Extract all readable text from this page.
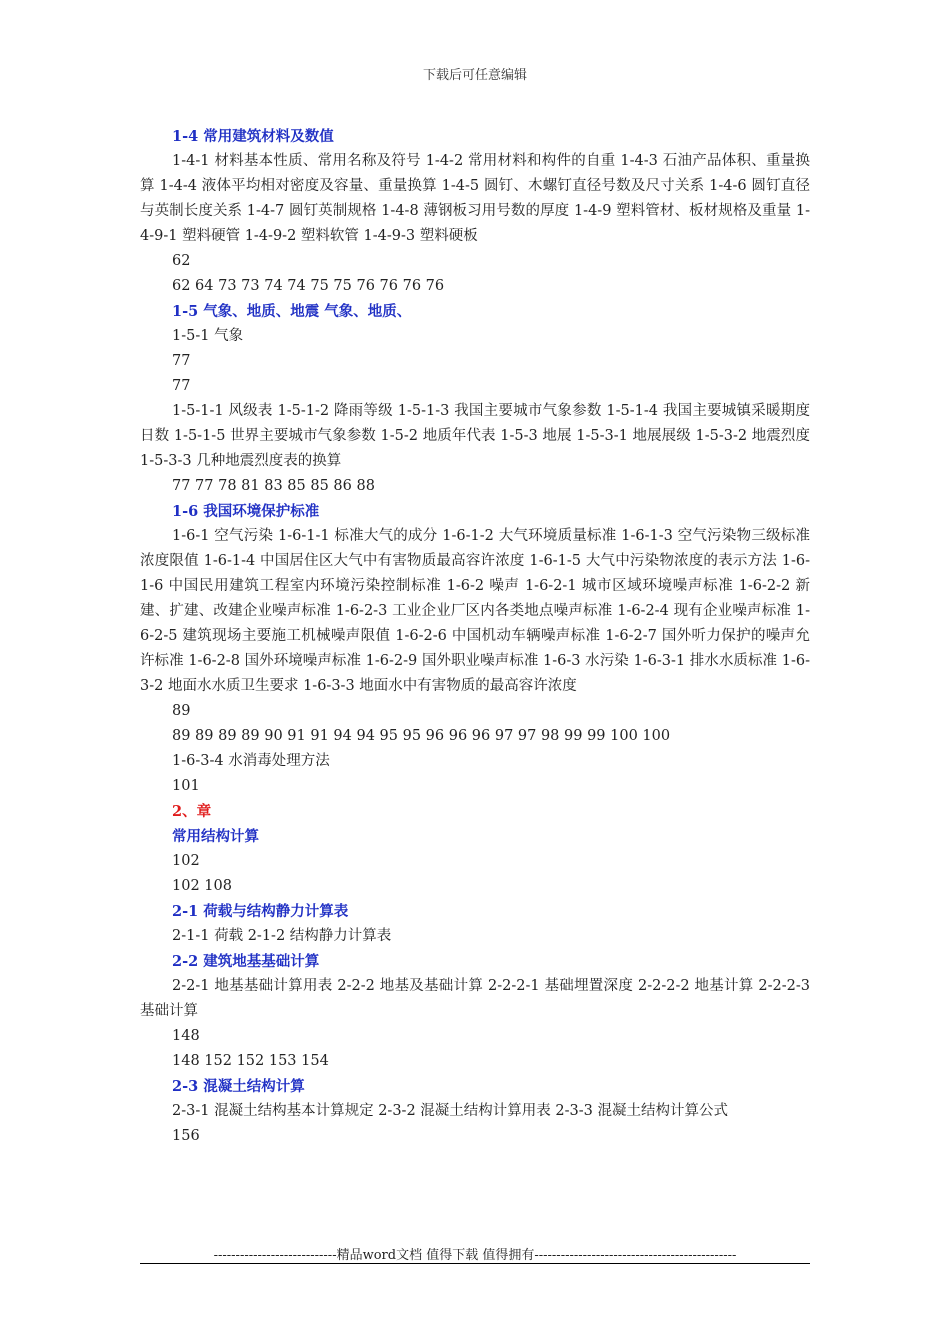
下载后可任意编辑

1-4 常用建筑材料及数值

1-4-1 材料基本性质、常用名称及符号 1-4-2 常用材料和构件的自重 1-4-3 石油产品体积、重量换算 1-4-4 液体平均相对密度及容量、重量换算 1-4-5 圆钉、木螺钉直径号数及尺寸关系 1-4-6 圆钉直径与英制长度关系 1-4-7 圆钉英制规格 1-4-8 薄钢板习用号数的厚度 1-4-9 塑料管材、板材规格及重量 1-4-9-1 塑料硬管 1-4-9-2 塑料软管 1-4-9-3 塑料硬板

62

62 64 73 73 74 74 75 75 76 76 76 76

1-5 气象、地质、地震 气象、地质、

1-5-1 气象

77

77

1-5-1-1 风级表 1-5-1-2 降雨等级 1-5-1-3 我国主要城市气象参数 1-5-1-4 我国主要城镇采暖期度日数 1-5-1-5 世界主要城市气象参数 1-5-2 地质年代表 1-5-3 地展 1-5-3-1 地展展级 1-5-3-2 地震烈度 1-5-3-3 几种地震烈度表的换算

77 77 78 81 83 85 85 86 88

1-6 我国环境保护标准

1-6-1 空气污染 1-6-1-1 标准大气的成分 1-6-1-2 大气环境质量标准 1-6-1-3 空气污染物三级标准浓度限值 1-6-1-4 中国居住区大气中有害物质最高容许浓度 1-6-1-5 大气中污染物浓度的表示方法 1-6-1-6 中国民用建筑工程室内环境污染控制标准 1-6-2 噪声 1-6-2-1 城市区域环境噪声标准 1-6-2-2 新建、扩建、改建企业噪声标准 1-6-2-3 工业企业厂区内各类地点噪声标准 1-6-2-4 现有企业噪声标准 1-6-2-5 建筑现场主要施工机械噪声限值 1-6-2-6 中国机动车辆噪声标准 1-6-2-7 国外听力保护的噪声允许标准 1-6-2-8 国外环境噪声标准 1-6-2-9 国外职业噪声标准 1-6-3 水污染 1-6-3-1 排水水质标准 1-6-3-2 地面水水质卫生要求 1-6-3-3 地面水中有害物质的最高容许浓度

89

89 89 89 89 90 91 91 94 94 95 95 96 96 96 97 97 98 99 99 100 100

1-6-3-4 水消毒处理方法

101

2、章

常用结构计算

102

102 108

2-1 荷载与结构静力计算表

2-1-1 荷载 2-1-2 结构静力计算表

2-2 建筑地基基础计算

2-2-1 地基基础计算用表 2-2-2 地基及基础计算 2-2-2-1 基础埋置深度 2-2-2-2 地基计算 2-2-2-3 基础计算

148

148 152 152 153 154

2-3 混凝土结构计算

2-3-1 混凝土结构基本计算规定 2-3-2 混凝土结构计算用表 2-3-3 混凝土结构计算公式

156

----------------------------精品word文档 值得下载 值得拥有----------------------------------------------
